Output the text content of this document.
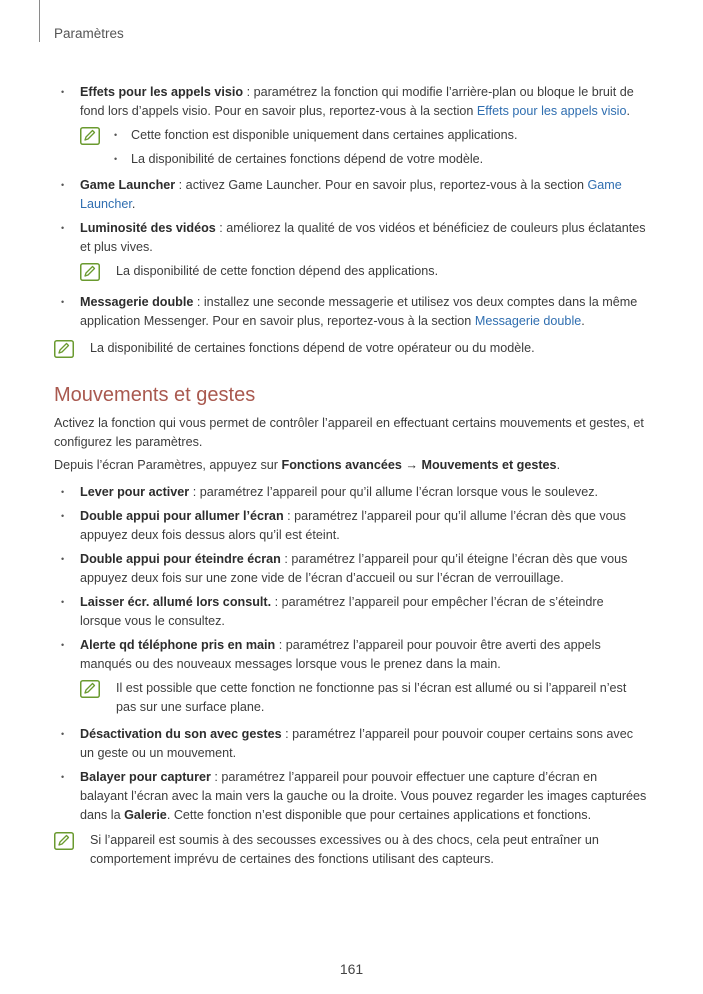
Paramètres
• Effets pour les appels visio : paramétrez la fonction qui modifie l’arrière-plan ou bloque le bruit de fond lors d’appels visio. Pour en savoir plus, reportez-vous à la section Effets pour les appels visio.
• Cette fonction est disponible uniquement dans certaines applications.
• La disponibilité de certaines fonctions dépend de votre modèle.
• Game Launcher : activez Game Launcher. Pour en savoir plus, reportez-vous à la section Game Launcher.
• Luminosité des vidéos : améliorez la qualité de vos vidéos et bénéficiez de couleurs plus éclatantes et plus vives.
La disponibilité de cette fonction dépend des applications.
• Messagerie double : installez une seconde messagerie et utilisez vos deux comptes dans la même application Messenger. Pour en savoir plus, reportez-vous à la section Messagerie double.
La disponibilité de certaines fonctions dépend de votre opérateur ou du modèle.
Mouvements et gestes

Activez la fonction qui vous permet de contrôler l’appareil en effectuant certains mouvements et gestes, et configurez les paramètres.

Depuis l’écran Paramètres, appuyez sur Fonctions avancées → Mouvements et gestes.

• Lever pour activer : paramétrez l’appareil pour qu’il allume l’écran lorsque vous le soulevez.
• Double appui pour allumer l’écran : paramétrez l’appareil pour qu’il allume l’écran dès que vous appuyez deux fois dessus alors qu’il est éteint.
• Double appui pour éteindre écran : paramétrez l’appareil pour qu’il éteigne l’écran dès que vous appuyez deux fois sur une zone vide de l’écran d’accueil ou sur l’écran de verrouillage.
• Laisser écr. allumé lors consult. : paramétrez l’appareil pour empêcher l’écran de s’éteindre lorsque vous le consultez.
• Alerte qd téléphone pris en main : paramétrez l’appareil pour pouvoir être averti des appels manqués ou des nouveaux messages lorsque vous le prenez dans la main.
Il est possible que cette fonction ne fonctionne pas si l’écran est allumé ou si l’appareil n’est pas sur une surface plane.
• Désactivation du son avec gestes : paramétrez l’appareil pour pouvoir couper certains sons avec un geste ou un mouvement.
• Balayer pour capturer : paramétrez l’appareil pour pouvoir effectuer une capture d’écran en balayant l’écran avec la main vers la gauche ou la droite. Vous pouvez regarder les images capturées dans la Galerie. Cette fonction n’est disponible que pour certaines applications et fonctions.
Si l’appareil est soumis à des secousses excessives ou à des chocs, cela peut entraîner un comportement imprévu de certaines des fonctions utilisant des capteurs.
161
